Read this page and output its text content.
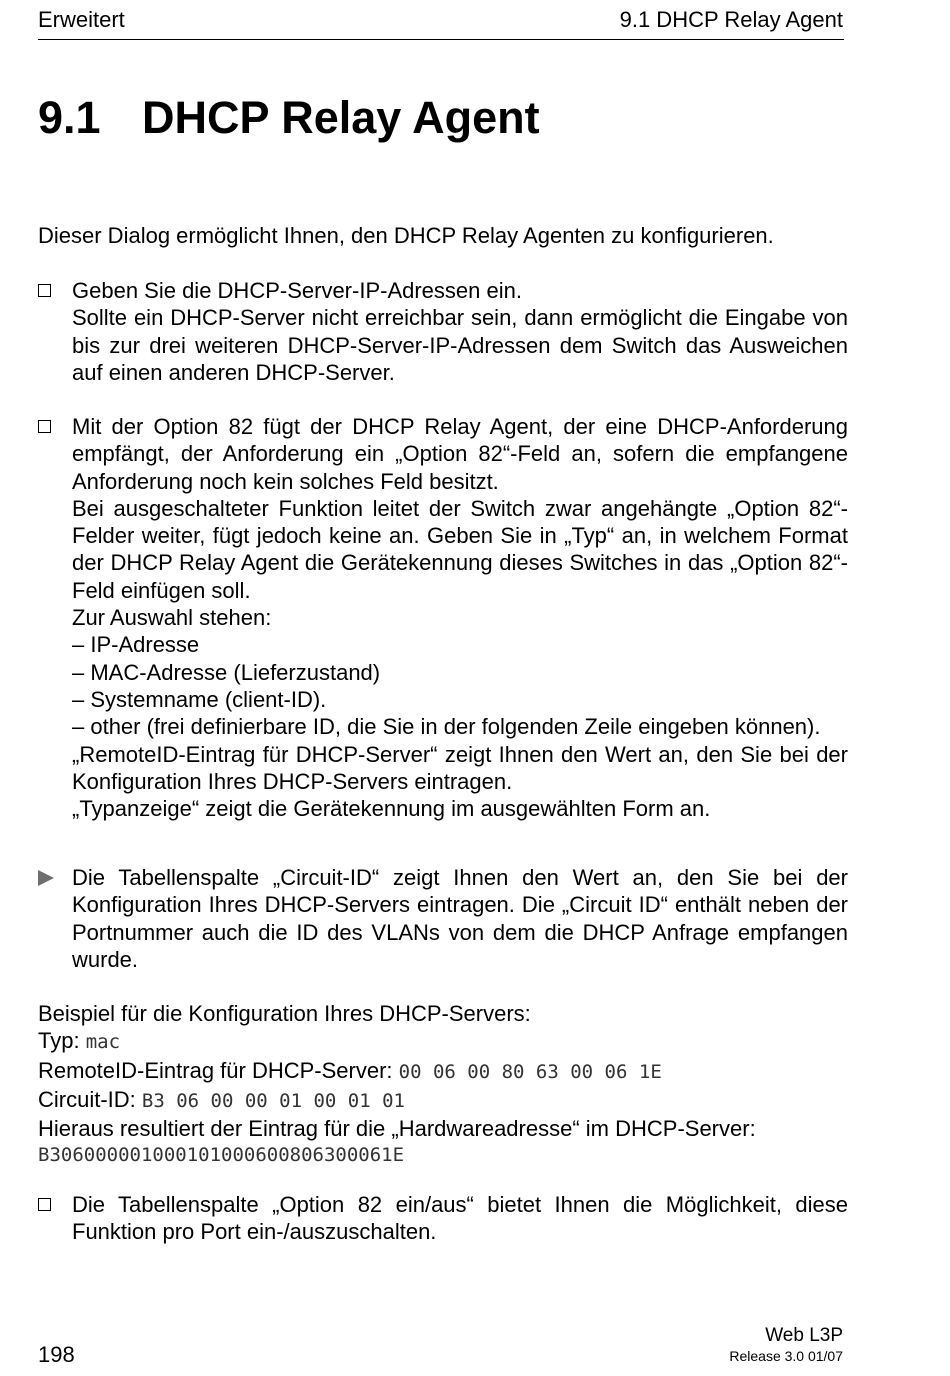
Erweitert	9.1 DHCP Relay Agent
9.1 DHCP Relay Agent
Dieser Dialog ermöglicht Ihnen, den DHCP Relay Agenten zu konfigurieren.

Geben Sie die DHCP-Server-IP-Adressen ein.

Sollte ein DHCP-Server nicht erreichbar sein, dann ermöglicht die Eingabe von bis zur drei weiteren DHCP-Server-IP-Adressen dem Switch das Ausweichen auf einen anderen DHCP-Server.

Mit der Option 82 fügt der DHCP Relay Agent, der eine DHCP-Anforderung empfängt, der Anforderung ein „Option 82“-Feld an, sofern die empfangene Anforderung noch kein solches Feld besitzt.

Bei ausgeschalteter Funktion leitet der Switch zwar angehängte „Option 82“-Felder weiter, fügt jedoch keine an. Geben Sie in „Typ“ an, in welchem Format der DHCP Relay Agent die Gerätekennung dieses Switches in das „Option 82“-Feld einfügen soll.

Zur Auswahl stehen:

– IP-Adresse

– MAC-Adresse (Lieferzustand)

– Systemname (client-ID).

– other (frei definierbare ID, die Sie in der folgenden Zeile eingeben können).

„RemoteID-Eintrag für DHCP-Server“ zeigt Ihnen den Wert an, den Sie bei der Konfiguration Ihres DHCP-Servers eintragen.

„Typanzeige“ zeigt die Gerätekennung im ausgewählten Form an.

Die Tabellenspalte „Circuit-ID“ zeigt Ihnen den Wert an, den Sie bei der Konfiguration Ihres DHCP-Servers eintragen. Die „Circuit ID“ enthält neben der Portnummer auch die ID des VLANs von dem die DHCP Anfrage empfangen wurde.

Beispiel für die Konfiguration Ihres DHCP-Servers:

Typ: mac

RemoteID-Eintrag für DHCP-Server: 00 06 00 80 63 00 06 1E

Circuit-ID: B3 06 00 00 01 00 01 01

Hieraus resultiert der Eintrag für die „Hardwareadresse“ im DHCP-Server:

B306000001000101000600806300061E

Die Tabellenspalte „Option 82 ein/aus“ bietet Ihnen die Möglichkeit, diese Funktion pro Port ein-/auszuschalten.

198
Web L3P
Release 3.0 01/07
